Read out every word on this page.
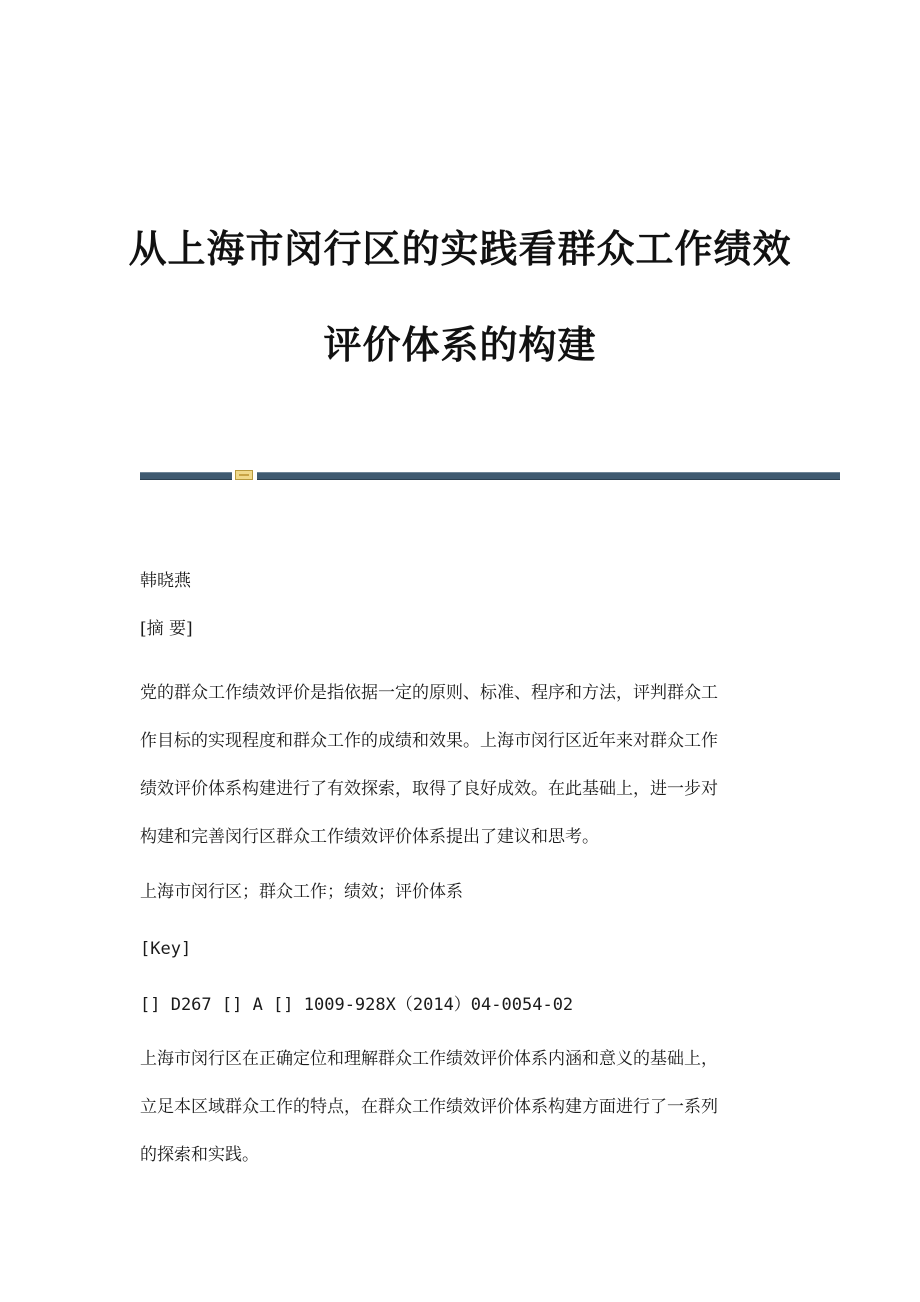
从上海市闵行区的实践看群众工作绩效
评价体系的构建

韩晓燕

[摘 要]

党的群众工作绩效评价是指依据一定的原则、标准、程序和方法，评判群众工

作目标的实现程度和群众工作的成绩和效果。上海市闵行区近年来对群众工作

绩效评价体系构建进行了有效探索，取得了良好成效。在此基础上，进一步对

构建和完善闵行区群众工作绩效评价体系提出了建议和思考。

上海市闵行区；群众工作；绩效；评价体系

[Key]

[] D267 [] A [] 1009-928X（2014）04-0054-02

上海市闵行区在正确定位和理解群众工作绩效评价体系内涵和意义的基础上，

立足本区域群众工作的特点，在群众工作绩效评价体系构建方面进行了一系列

的探索和实践。
